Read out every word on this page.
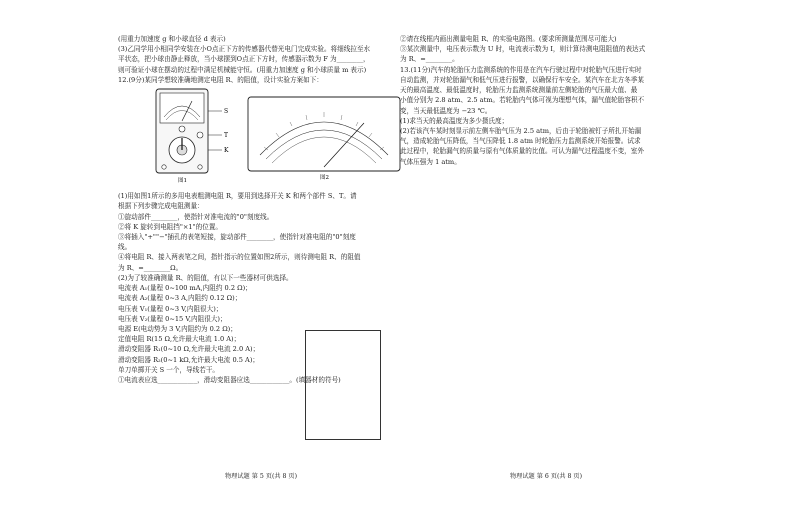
(用重力加速度 g 和小球直径 d 表示)
(3)乙同学用小相同学安装在小O点正下方的传感器代替光电门完成实验。将细线拉至水
平状态，把小球由静止释放，当小球摆到O点正下方时，传感器示数为 F 为________，
则可验证小球在摆动的过程中满足机械能守恒。(用重力加速度 g 和小球质量 m 表示)
12.(9分)某同学想较准确地测定电阻 R、的阻值，设计实验方案如下：
S
T
K
图1	图2
(1)用如图1所示的多用电表粗测电阻 R，要用到选择开关 K 和两个部件 S、T。请
根据下列步骤完成电阻测量：
①旋动部件________，使指针对准电流的"0"刻度线。
②将 K 旋转到电阻挡"×1"的位置。
③将插入"+""−"插孔的表笔短接，旋动部件________，使指针对准电阻的"0"刻度
线。
④将电阻 R、接入两表笔之间，指针指示的位置如图2所示，则待测电阻 R、的阻值
为 R、=________Ω。
(2)为了较准确测量 R、的阻值，有以下一些器材可供选择。
电流表 A₁(量程 0~100 mA,内阻约 0.2 Ω)；
电流表 A₂(量程 0~3 A,内阻约 0.12 Ω)；
电压表 V₁(量程 0~3 V,内阻很大)；
电压表 V₂(量程 0~15 V,内阻很大)；
电源 E(电动势为 3 V,内阻约为 0.2 Ω)；
定值电阻 R(15 Ω,允许最大电流 1.0 A)；
滑动变阻器 R₁(0~10 Ω,允许最大电流 2.0 A)；
滑动变阻器 R₂(0~1 kΩ,允许最大电流 0.5 A)；
单刀单掷开关 S 一个，导线若干。
①电流表应选____________，滑动变阻器应选____________。(填器材的符号)
②请在线框内画出测量电阻 R、的实验电路图。(要求所测量范围尽可能大)
③某次测量中，电压表示数为 U 时，电流表示数为 I，则计算待测电阻阻值的表达式
为 R、=________。
13.(11分)汽车的轮胎压力监测系统的作用是在汽车行驶过程中对轮胎气压进行实时
自动监测，并对轮胎漏气和低气压进行报警，以确保行车安全。某汽车在北方冬季某
天的最高温度、最低温度时，轮胎压力监测系统测量前左侧轮胎的气压最大值、最
小值分别为 2.8 atm、2.5 atm。若轮胎内气体可视为理想气体，漏气值轮胎容积不
变，当天最低温度为 −23 ℃。
(1)求当天的最高温度为多少摄氏度；
(2)若该汽车某时刻显示前左侧车胎气压为 2.5 atm，后由于轮胎被钉子所扎开始漏
气，造成轮胎气压降低，当气压降低 1.8 atm 时轮胎压力监测系统开始报警。试求
此过程中，轮胎漏气的质量与原有气体质量的比值。可认为漏气过程温度不变，室外
气体压强为 1 atm。
物理试题 第 5 页(共 8 页)	物理试题 第 6 页(共 8 页)
